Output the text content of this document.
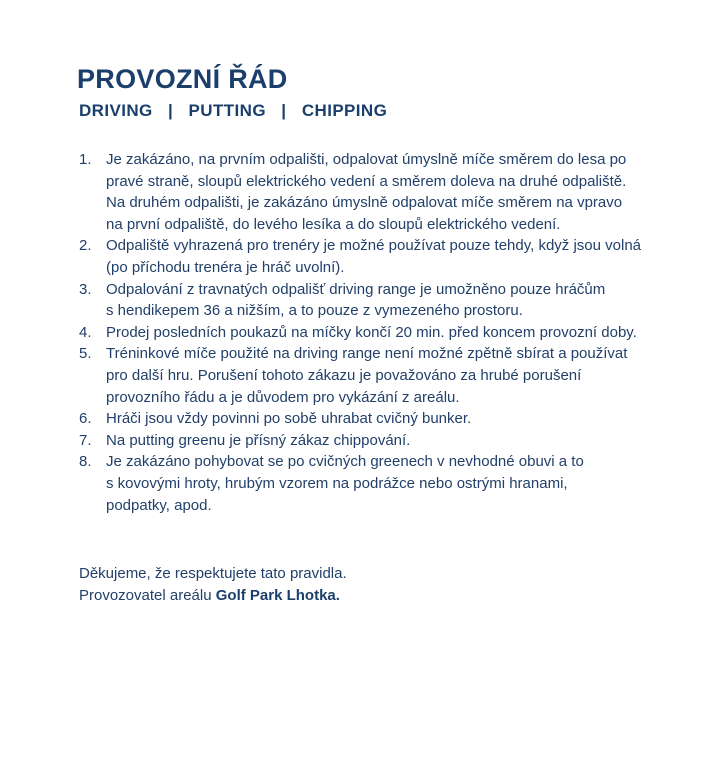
PROVOZNÍ ŘÁD
DRIVING   |   PUTTING   |   CHIPPING
1. Je zakázáno, na prvním odpališti, odpalovat úmyslně míče směrem do lesa po
pravé straně, sloupů elektrického vedení a směrem doleva na druhé odpaliště.
Na druhém odpališti, je zakázáno úmyslně odpalovat míče směrem na vpravo
na první odpaliště, do levého lesíka a do sloupů elektrického vedení.
2. Odpaliště vyhrazená pro trenéry je možné používat pouze tehdy, když jsou volná
(po příchodu trenéra je hráč uvolní).
3. Odpalování z travnatých odpališť driving range je umožněno pouze hráčům
s hendikepem 36 a nižším, a to pouze z vymezeného prostoru.
4. Prodej posledních poukazů na míčky končí 20 min. před koncem provozní doby.
5. Tréninkové míče použité na driving range není možné zpětně sbírat a používat
pro další hru. Porušení tohoto zákazu je považováno za hrubé porušení
provozního řádu a je důvodem pro vykázání z areálu.
6. Hráči jsou vždy povinni po sobě uhrabat cvičný bunker.
7. Na putting greenu je přísný zákaz chippování.
8. Je zakázáno pohybovat se po cvičných greenech v nevhodné obuvi a to
s kovovými hroty, hrubým vzorem na podrážce nebo ostrými hranami,
podpatky, apod.
Děkujeme, že respektujete tato pravidla.
Provozovatel areálu Golf Park Lhotka.
